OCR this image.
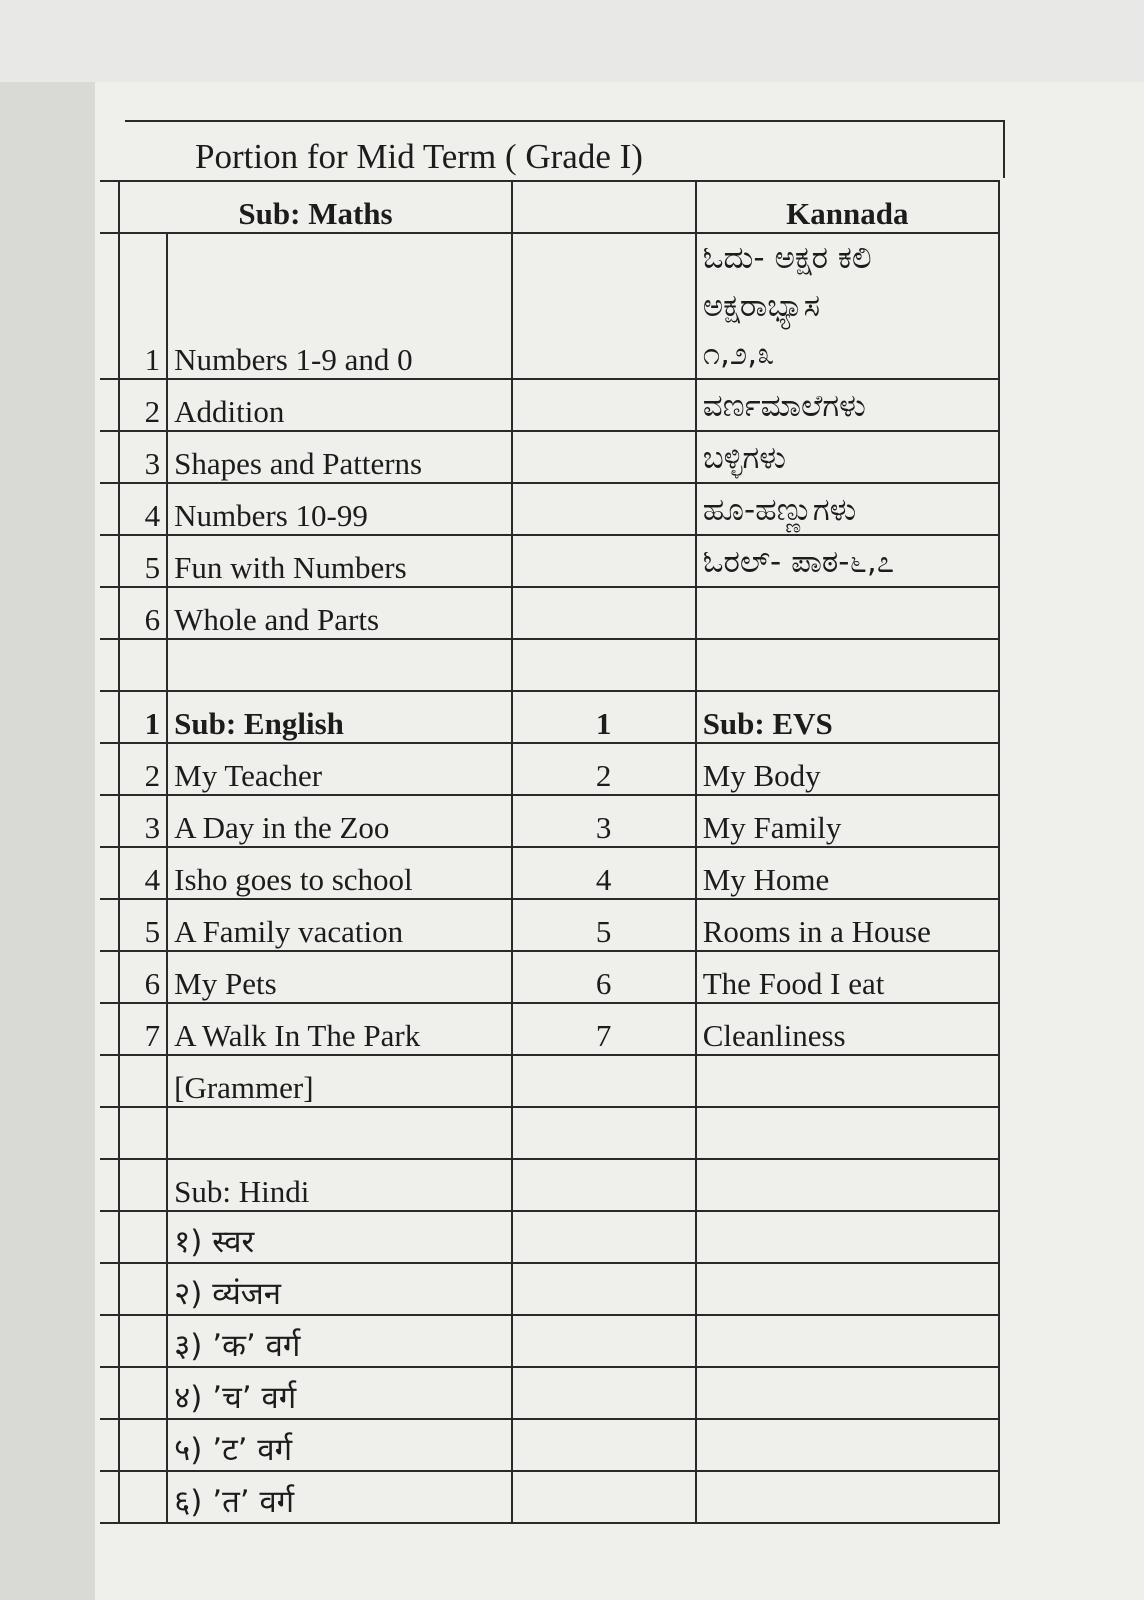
Portion for Mid Term ( Grade I)
	Sub: Maths			Kannada
	1	Numbers 1-9 and 0		ಓದು- ಅಕ್ಷರ ಕಲಿ
ಅಕ್ಷರಾಭ್ಯಾಸ
೧,೨,೩

	2	Addition		ವರ್ಣಮಾಲೆಗಳು
	3	Shapes and Patterns		ಬಳ್ಳಿಗಳು
	4	Numbers 10-99		ಹೂ-ಹಣ್ಣುಗಳು
	5	Fun with Numbers		ಓರಲ್- ಪಾಠ-೬,೭
	6	Whole and Parts		

	1	Sub: English	1	Sub: EVS
	2	My Teacher	2	My Body
	3	A Day in the Zoo	3	My Family
	4	Isho goes to school	4	My Home
	5	A Family vacation	5	Rooms in a House
	6	My Pets	6	The Food I eat
	7	A Walk In The Park	7	Cleanliness
		[Grammer]		

		Sub: Hindi		
		१) स्वर		
		२) व्यंजन		
		३) ’क’ वर्ग		
		४) ’च’ वर्ग		
		५) ’ट’ वर्ग		
		६) ’त’ वर्ग		
